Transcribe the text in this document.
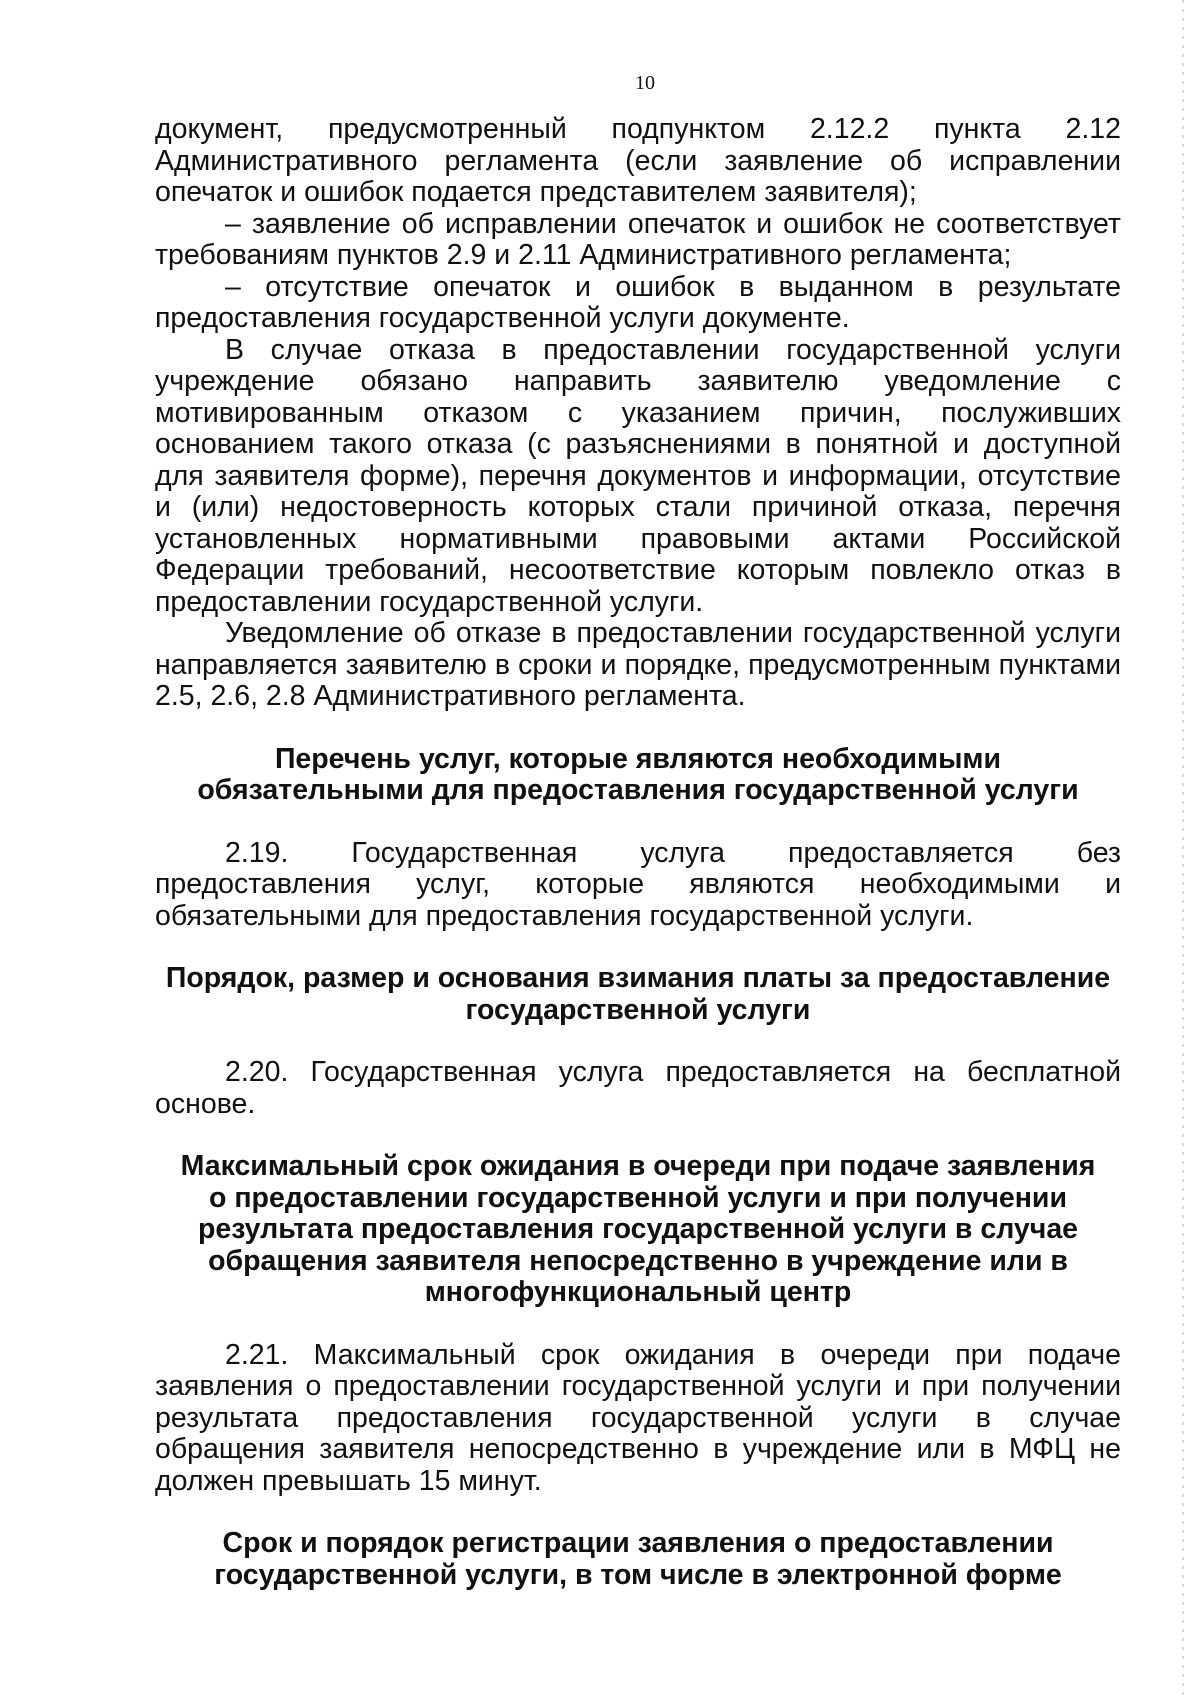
10

документ, предусмотренный подпунктом 2.12.2 пункта 2.12 Административного регламента (если заявление об исправлении опечаток и ошибок подается представителем заявителя);

– заявление об исправлении опечаток и ошибок не соответствует требованиям пунктов 2.9 и 2.11 Административного регламента;

– отсутствие опечаток и ошибок в выданном в результате предоставления государственной услуги документе.

В случае отказа в предоставлении государственной услуги учреждение обязано направить заявителю уведомление с мотивированным отказом с указанием причин, послуживших основанием такого отказа (с разъяснениями в понятной и доступной для заявителя форме), перечня документов и информации, отсутствие и (или) недостоверность которых стали причиной отказа, перечня установленных нормативными правовыми актами Российской Федерации требований, несоответствие которым повлекло отказ в предоставлении государственной услуги.

Уведомление об отказе в предоставлении государственной услуги направляется заявителю в сроки и порядке, предусмотренным пунктами 2.5, 2.6, 2.8 Административного регламента.

Перечень услуг, которые являются необходимыми
обязательными для предоставления государственной услуги

2.19. Государственная услуга предоставляется без предоставления услуг, которые являются необходимыми и обязательными для предоставления государственной услуги.

Порядок, размер и основания взимания платы за предоставление
государственной услуги

2.20. Государственная услуга предоставляется на бесплатной основе.

Максимальный срок ожидания в очереди при подаче заявления
о предоставлении государственной услуги и при получении
результата предоставления государственной услуги в случае
обращения заявителя непосредственно в учреждение или в
многофункциональный центр

2.21. Максимальный срок ожидания в очереди при подаче заявления о предоставлении государственной услуги и при получении результата предоставления государственной услуги в случае обращения заявителя непосредственно в учреждение или в МФЦ не должен превышать 15 минут.

Срок и порядок регистрации заявления о предоставлении
государственной услуги, в том числе в электронной форме
